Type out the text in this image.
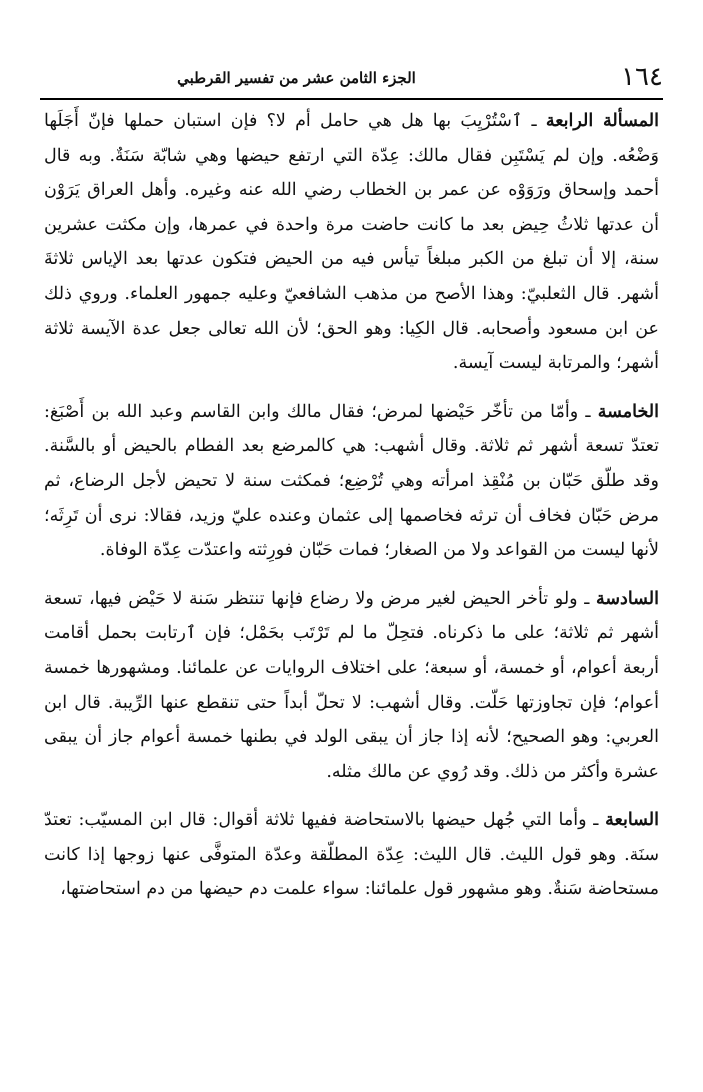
١٦٤
الجزء الثامن عشر من تفسير القرطبي

المسألة الرابعة ـ ٱسْتُرْيِبَ بها هل هي حامل أم لا؟ فإن استبان حملها فإنّ أَجَلَها وَضْعُه. وإن لم يَسْتَبِن فقال مالك: عِدّة التي ارتفع حيضها وهي شابّة سَنَةٌ. وبه قال أحمد وإسحاق ورَوَوْه عن عمر بن الخطاب رضي الله عنه وغيره. وأهل العراق يَرَوْن أن عدتها ثلاثُ حِيض بعد ما كانت حاضت مرة واحدة في عمرها، وإن مكثت عشرين سنة، إلا أن تبلغ من الكبر مبلغاً تيأس فيه من الحيض فتكون عدتها بعد الإياس ثلاثةَ أشهر. قال الثعلبيّ: وهذا الأصح من مذهب الشافعيّ وعليه جمهور العلماء. وروي ذلك عن ابن مسعود وأصحابه. قال الكِيا: وهو الحق؛ لأن الله تعالى جعل عدة الآيسة ثلاثة أشهر؛ والمرتابة ليست آيسة.

الخامسة ـ وأمّا من تأخّر حَيْضها لمرض؛ فقال مالك وابن القاسم وعبد الله بن أَصْبَغ: تعتدّ تسعة أشهر ثم ثلاثة. وقال أشهب: هي كالمرضع بعد الفطام بالحيض أو بالسَّنة. وقد طلّق حَبّان بن مُنْقِذ امرأته وهي تُرْضِع؛ فمكثت سنة لا تحيض لأجل الرضاع، ثم مرض حَبّان فخاف أن ترثه فخاصمها إلى عثمان وعنده عليّ وزيد، فقالا: نرى أن تَرِثَه؛ لأنها ليست من القواعد ولا من الصغار؛ فمات حَبّان فورِثته واعتدّت عِدّة الوفاة.

السادسة ـ ولو تأخر الحيض لغير مرض ولا رضاع فإنها تنتظر سَنة لا حَيْض فيها، تسعة أشهر ثم ثلاثة؛ على ما ذكرناه. فتحِلّ ما لم تَرْتَب بحَمْل؛ فإن ٱرتابت بحمل أقامت أربعة أعوام، أو خمسة، أو سبعة؛ على اختلاف الروايات عن علمائنا. ومشهورها خمسة أعوام؛ فإن تجاوزتها حَلّت. وقال أشهب: لا تحلّ أبداً حتى تنقطع عنها الرِّيبة. قال ابن العربي: وهو الصحيح؛ لأنه إذا جاز أن يبقى الولد في بطنها خمسة أعوام جاز أن يبقى عشرة وأكثر من ذلك. وقد رُوي عن مالك مثله.

السابعة ـ وأما التي جُهل حيضها بالاستحاضة ففيها ثلاثة أقوال: قال ابن المسيّب: تعتدّ سنَة. وهو قول الليث. قال الليث: عِدّة المطلّقة وعدّة المتوفَّى عنها زوجها إذا كانت مستحاضة سَنةٌ. وهو مشهور قول علمائنا: سواء علمت دم حيضها من دم استحاضتها،
